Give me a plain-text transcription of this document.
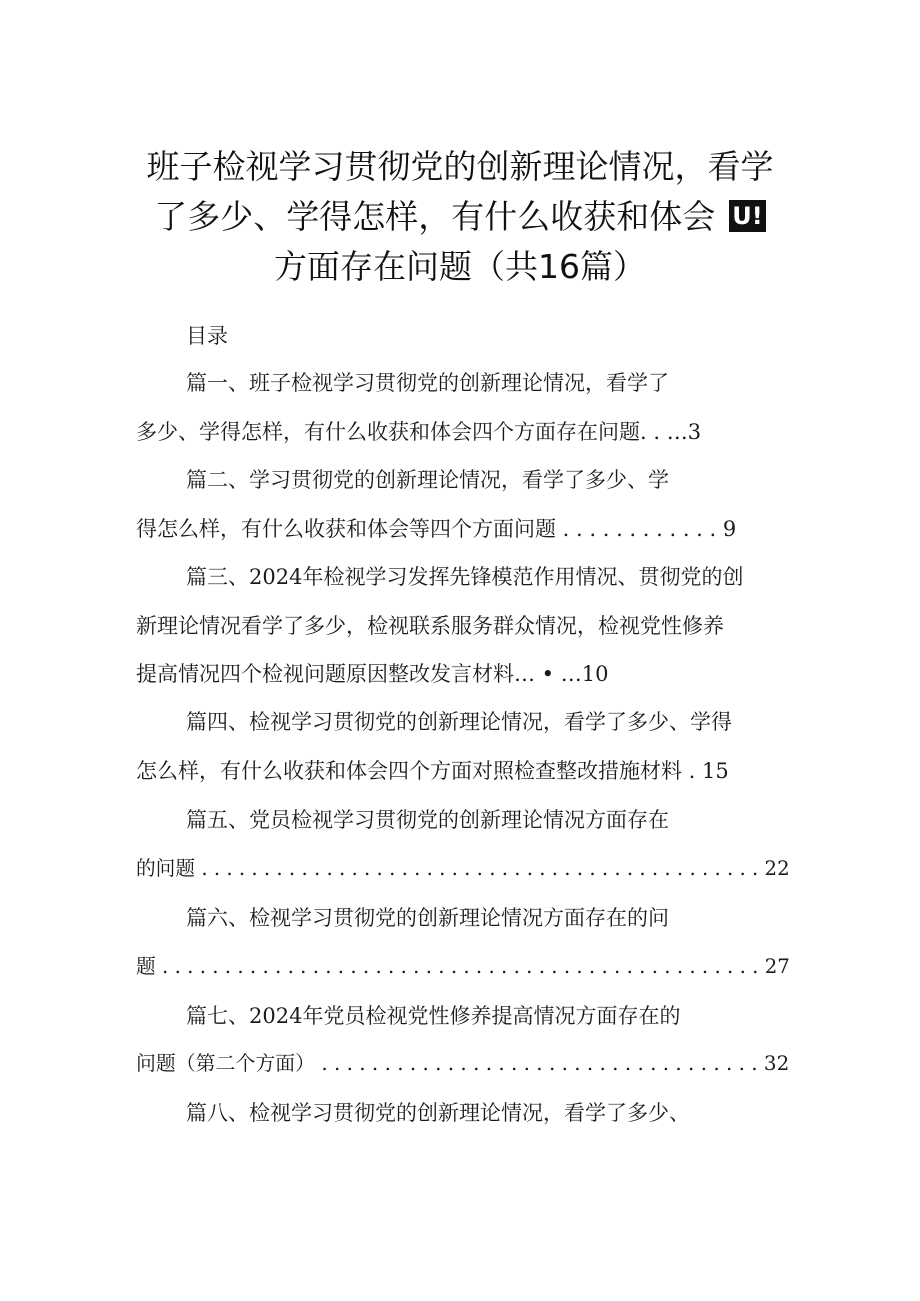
班子检视学习贯彻党的创新理论情况，看学
了多少、学得怎样，有什么收获和体会 U!
方面存在问题（共16篇）
目录
篇一、班子检视学习贯彻党的创新理论情况，看学了
多少、学得怎样，有什么收获和体会四个方面存在问题. . …3
篇二、学习贯彻党的创新理论情况，看学了多少、学
得怎么样，有什么收获和体会等四个方面问题 . . . . . . . . . . . . 9
篇三、2024年检视学习发挥先锋模范作用情况、贯彻党的创
新理论情况看学了多少，检视联系服务群众情况，检视党性修养
提高情况四个检视问题原因整改发言材料… • …10
篇四、检视学习贯彻党的创新理论情况，看学了多少、学得
怎么样，有什么收获和体会四个方面对照检查整改措施材料 . 15
篇五、党员检视学习贯彻党的创新理论情况方面存在
的问题 . . . . . . . . . . . . . . . . . . . . . . . . . . . . . . . . . . . . . . . . . . . . . 22
篇六、检视学习贯彻党的创新理论情况方面存在的问
题 . . . . . . . . . . . . . . . . . . . . . . . . . . . . . . . . . . . . . . . . . . . . . . . . 27
篇七、2024年党员检视党性修养提高情况方面存在的
问题（第二个方面） . . . . . . . . . . . . . . . . . . . . . . . . . . . . . . . . . . . 32
篇八、检视学习贯彻党的创新理论情况，看学了多少、
